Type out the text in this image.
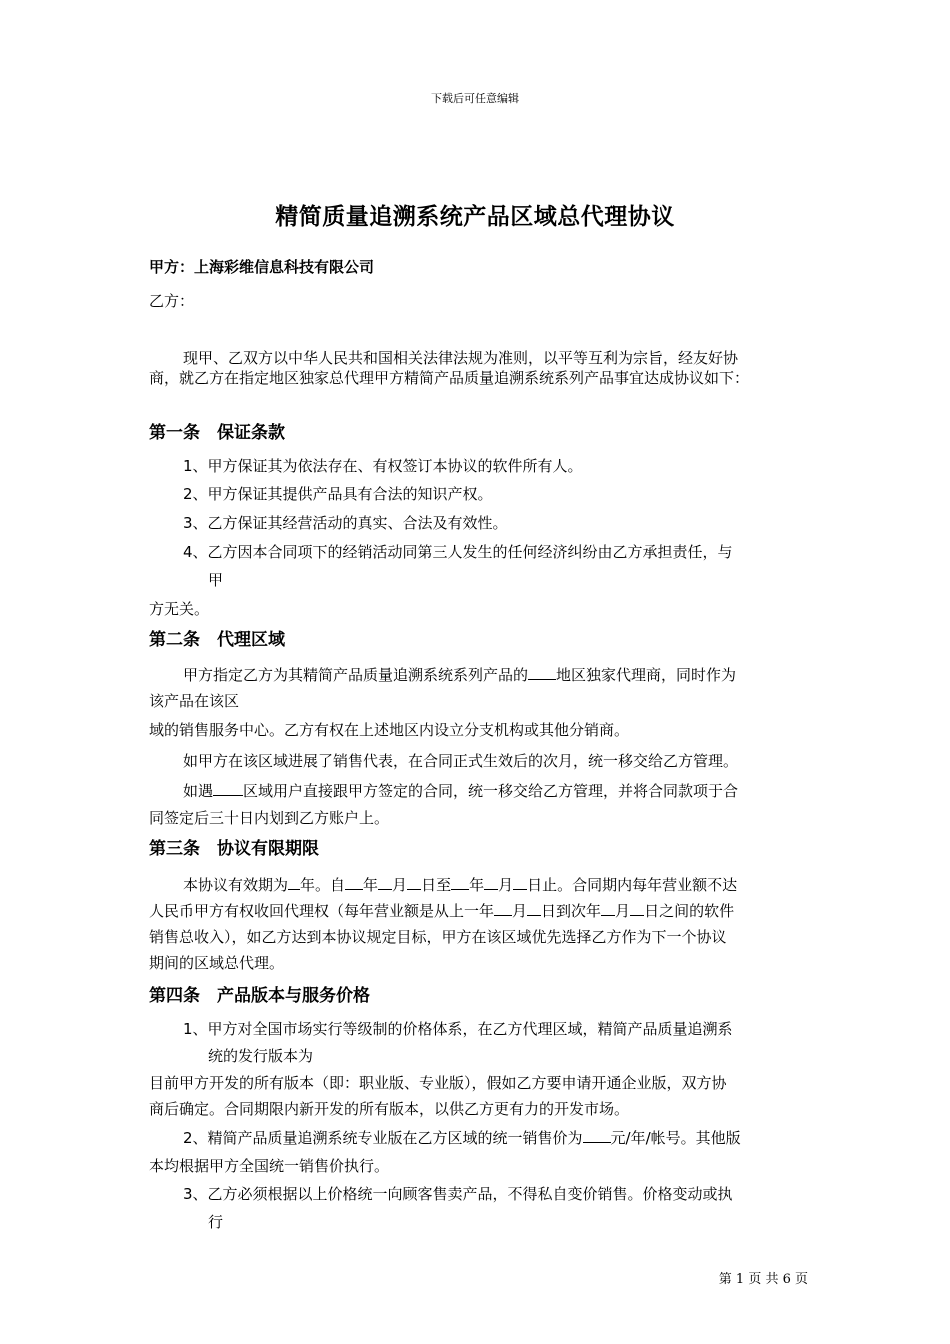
下载后可任意编辑
精简质量追溯系统产品区域总代理协议
甲方：上海彩维信息科技有限公司
乙方：

现甲、乙双方以中华人民共和国相关法律法规为准则，以平等互利为宗旨，经友好协

商，就乙方在指定地区独家总代理甲方精简产品质量追溯系统系列产品事宜达成协议如下：

第一条　保证条款

1、甲方保证其为依法存在、有权签订本协议的软件所有人。

2、甲方保证其提供产品具有合法的知识产权。

3、乙方保证其经营活动的真实、合法及有效性。

4、乙方因本合同项下的经销活动同第三人发生的任何经济纠纷由乙方承担责任，与

甲

方无关。

第二条　代理区域

甲方指定乙方为其精简产品质量追溯系统系列产品的 地区独家代理商，同时作为

该产品在该区

域的销售服务中心。乙方有权在上述地区内设立分支机构或其他分销商。

如甲方在该区域进展了销售代表，在合同正式生效后的次月，统一移交给乙方管理。

如遇 区域用户直接跟甲方签定的合同，统一移交给乙方管理，并将合同款项于合

同签定后三十日内划到乙方账户上。

第三条　协议有限期限

本协议有效期为 年。自 年 月 日至 年 月 日止。合同期内每年营业额不达

人民币甲方有权收回代理权（每年营业额是从上一年 月 日到次年 月 日之间的软件

销售总收入），如乙方达到本协议规定目标，甲方在该区域优先选择乙方作为下一个协议

期间的区域总代理。

第四条　产品版本与服务价格

1、甲方对全国市场实行等级制的价格体系，在乙方代理区域，精简产品质量追溯系

统的发行版本为

目前甲方开发的所有版本（即：职业版、专业版），假如乙方要申请开通企业版，双方协

商后确定。合同期限内新开发的所有版本，以供乙方更有力的开发市场。

2、精简产品质量追溯系统专业版在乙方区域的统一销售价为 元/年/帐号。其他版

本均根据甲方全国统一销售价执行。

3、乙方必须根据以上价格统一向顾客售卖产品，不得私自变价销售。价格变动或执

行

第 1 页 共 6 页
